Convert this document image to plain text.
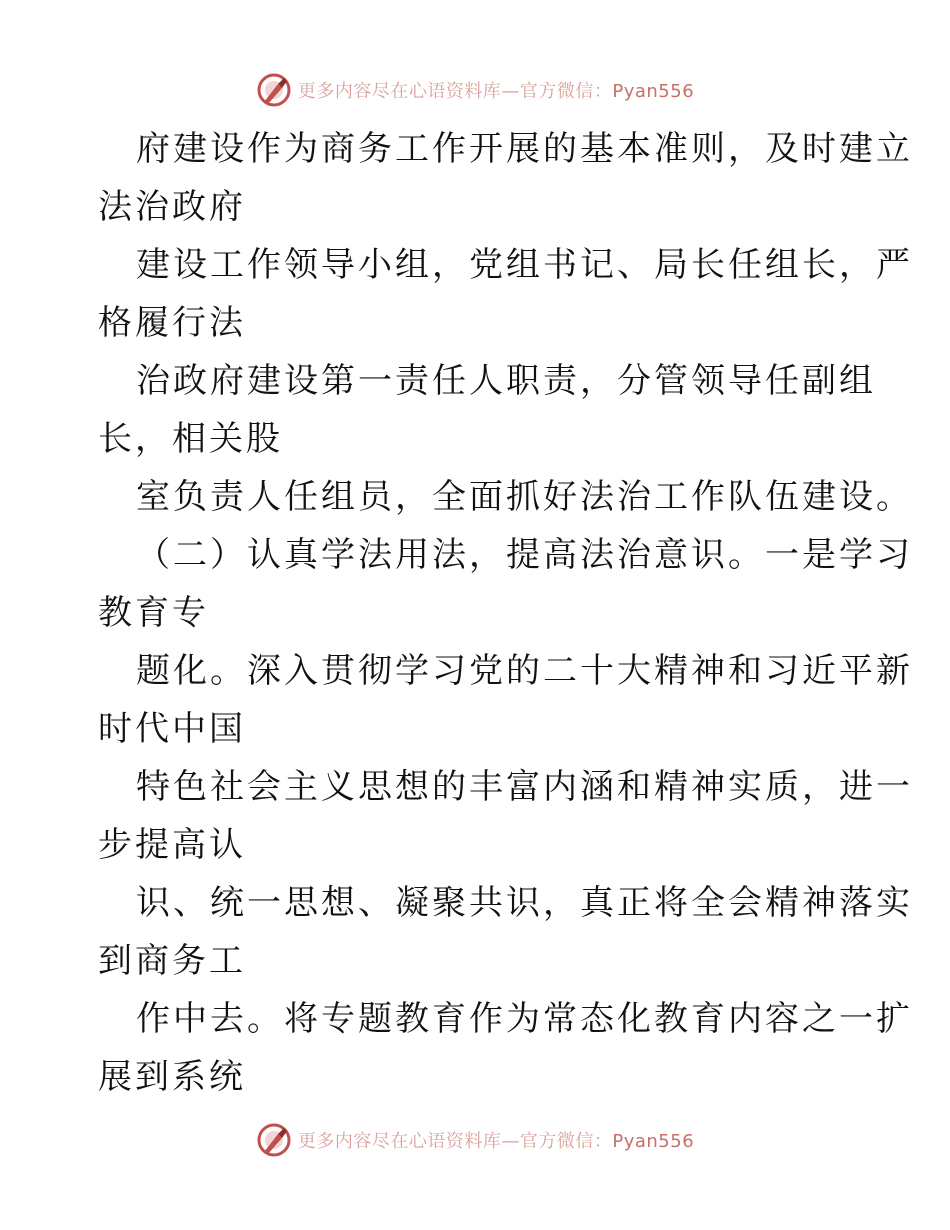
更多内容尽在心语资料库—官方微信：Pyan556
府建设作为商务工作开展的基本准则，及时建立
法治政府
建设工作领导小组，党组书记、局长任组长，严
格履行法
治政府建设第一责任人职责，分管领导任副组
长，相关股
室负责人任组员，全面抓好法治工作队伍建设。
（二）认真学法用法，提高法治意识。一是学习
教育专
题化。深入贯彻学习党的二十大精神和习近平新
时代中国
特色社会主义思想的丰富内涵和精神实质，进一
步提高认
识、统一思想、凝聚共识，真正将全会精神落实
到商务工
作中去。将专题教育作为常态化教育内容之一扩
展到系统
更多内容尽在心语资料库—官方微信：Pyan556
